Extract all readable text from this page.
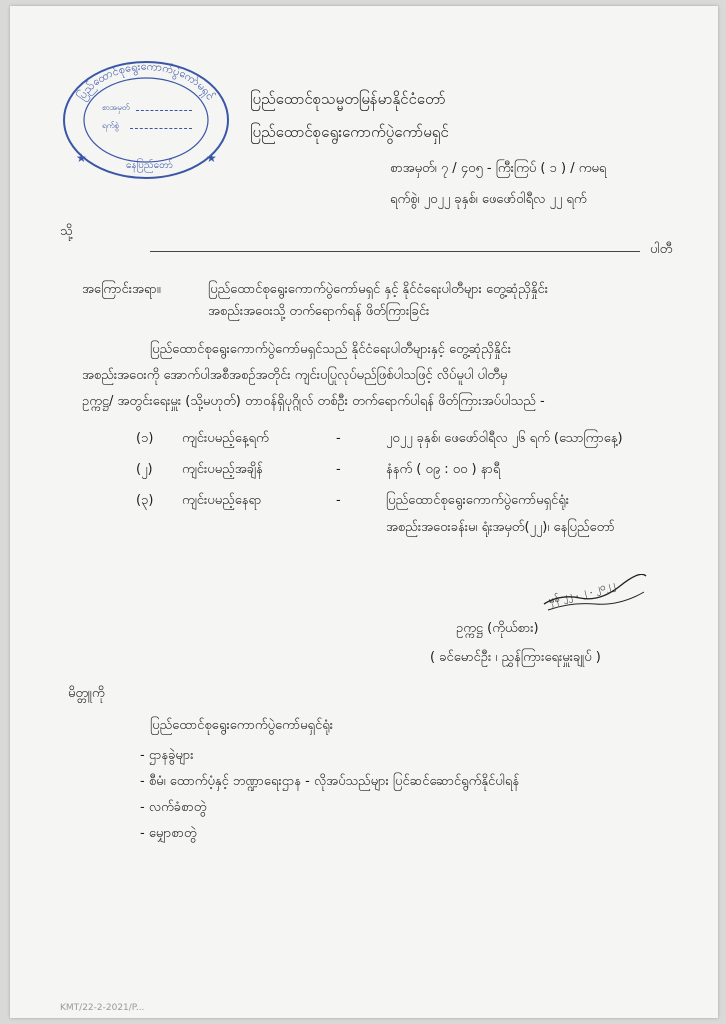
ပြည်ထောင်စုရွေးကောက်ပွဲကော်မရှင်
★	★
စာအမှတ်
ရက်စွဲ
နေပြည်တော်
ပြည်ထောင်စုသမ္မတမြန်မာနိုင်ငံတော်
ပြည်ထောင်စုရွေးကောက်ပွဲကော်မရှင်
စာအမှတ်၊ ၇ / ၄၀၅ - ကြီးကြပ် ( ၁ ) / ကမရ
ရက်စွဲ၊ ၂၀၂၂ ခုနှစ်၊ ဖေဖော်ဝါရီလ ၂၂ ရက်
သို့
ပါတီ
အကြောင်းအရာ။	ပြည်ထောင်စုရွေးကောက်ပွဲကော်မရှင် နှင့် နိုင်ငံရေးပါတီများ တွေ့ဆုံညှိနှိုင်း
အစည်းအဝေးသို့ တက်ရောက်ရန် ဖိတ်ကြားခြင်း
ပြည်ထောင်စုရွေးကောက်ပွဲကော်မရှင်သည် နိုင်ငံရေးပါတီများနှင့် တွေ့ဆုံညှိနှိုင်း
အစည်းအဝေးကို အောက်ပါအစီအစဉ်အတိုင်း ကျင်းပပြုလုပ်မည်ဖြစ်ပါသဖြင့် လိပ်မူပါ ပါတီမှ
ဥက္ကဋ္ဌ/ အတွင်းရေးမှူး (သို့မဟုတ်) တာဝန်ရှိပုဂ္ဂိုလ် တစ်ဦး တက်ရောက်ပါရန် ဖိတ်ကြားအပ်ပါသည် -
(၁) ကျင်းပမည့်နေ့ရက်	-	၂၀၂၂ ခုနှစ်၊ ဖေဖော်ဝါရီလ ၂၆ ရက် (သောကြာနေ့)
(၂) ကျင်းပမည့်အချိန်	-	နံနက် ( ၀၉ : ၀၀ ) နာရီ
(၃) ကျင်းပမည့်နေရာ	-	ပြည်ထောင်စုရွေးကောက်ပွဲကော်မရှင်ရုံး
အစည်းအဝေးခန်းမ၊ ရုံးအမှတ်(၂၂)၊ နေပြည်တော်
မှန် ၂၂ . ၂ . ၂၀၂၂
ဥက္ကဋ္ဌ (ကိုယ်စား)
( ခင်မောင်ဦး ၊ ညွှန်ကြားရေးမှူးချုပ် )
မိတ္တူကို
ပြည်ထောင်စုရွေးကောက်ပွဲကော်မရှင်ရုံး
- ဌာနခွဲများ
- စီမံ၊ ထောက်ပံ့နှင့် ဘဏ္ဍာရေးဌာန - လိုအပ်သည်များ ပြင်ဆင်ဆောင်ရွက်နိုင်ပါရန်
- လက်ခံစာတွဲ
- မျှောစာတွဲ
KMT/22-2-2021/P...
